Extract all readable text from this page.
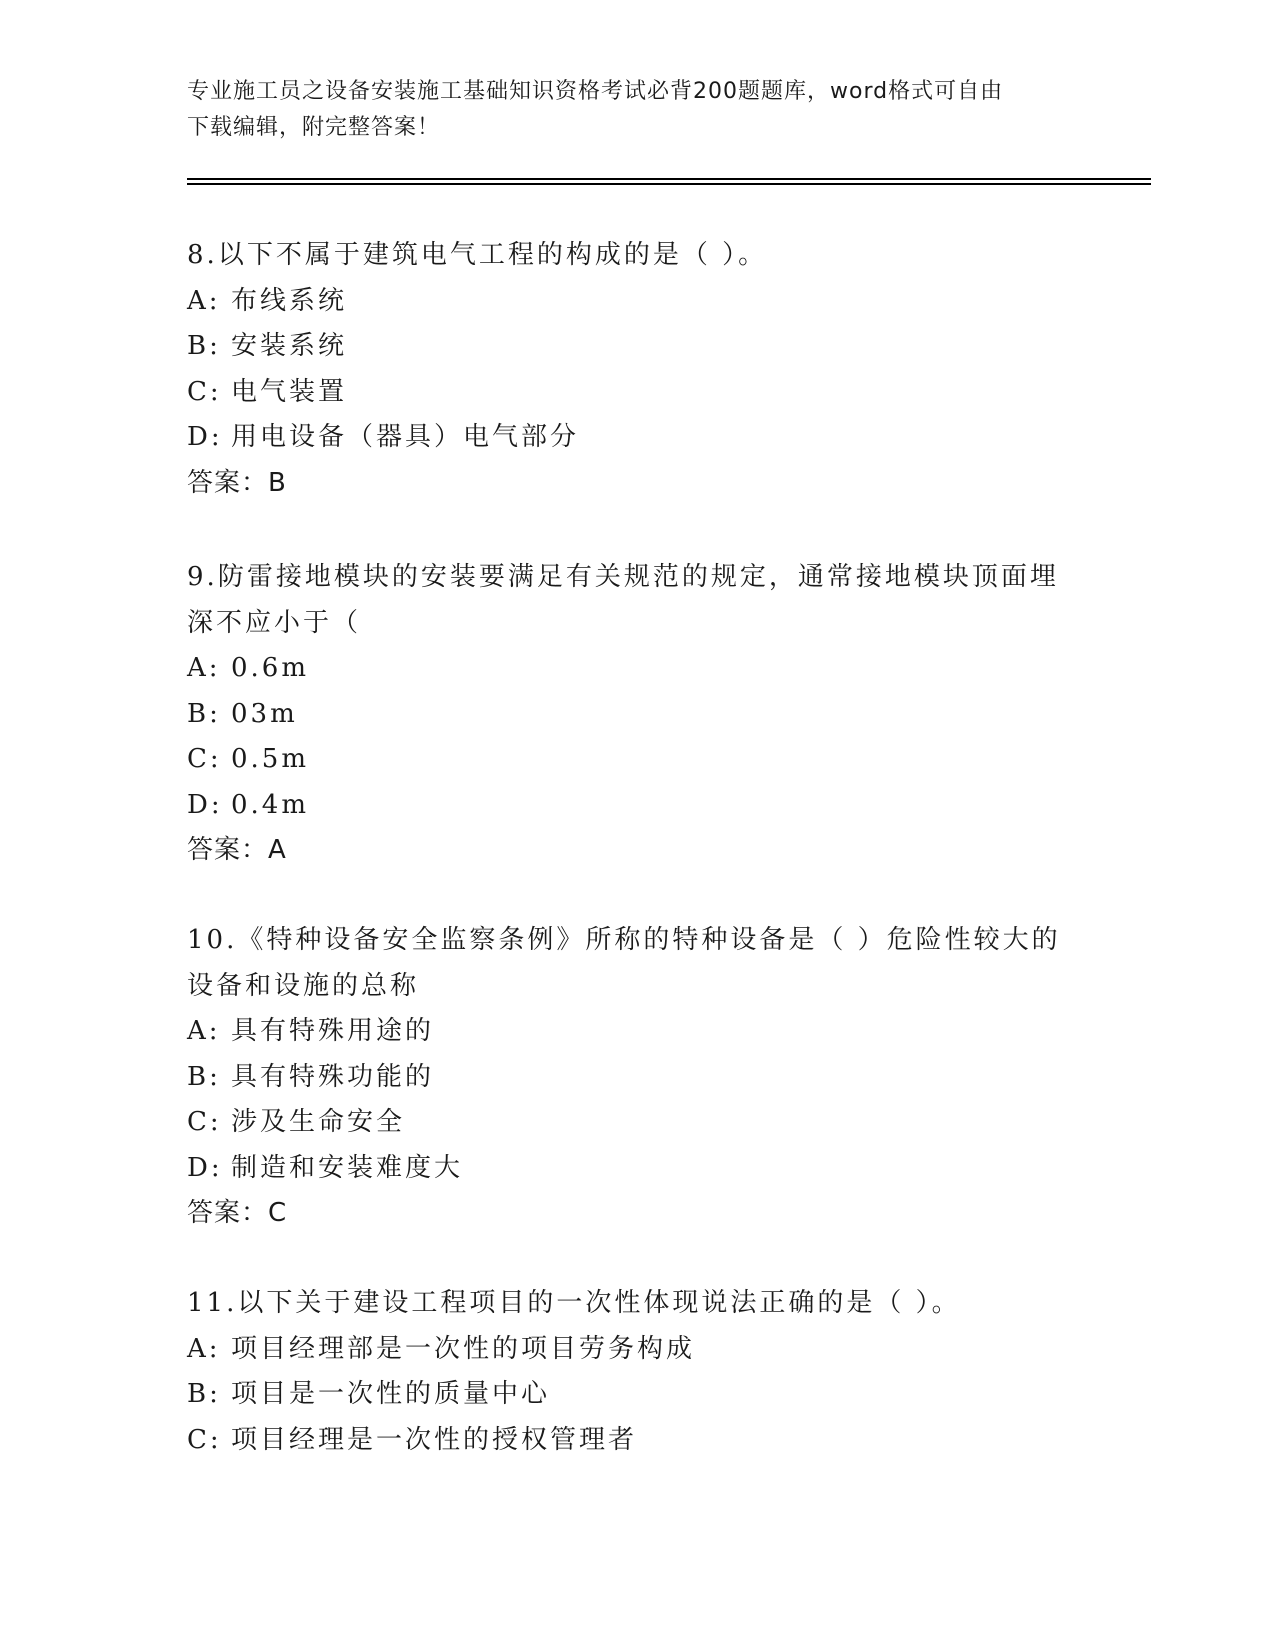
专业施工员之设备安装施工基础知识资格考试必背200题题库，word格式可自由
下载编辑，附完整答案！
8.以下不属于建筑电气工程的构成的是（ ）。
A: 布线系统
B: 安装系统
C: 电气装置
D: 用电设备（器具）电气部分
答案：B
9.防雷接地模块的安装要满足有关规范的规定，通常接地模块顶面埋
深不应小于（
A: 0.6m
B: 03m
C: 0.5m
D: 0.4m
答案：A
10.《特种设备安全监察条例》所称的特种设备是（ ）危险性较大的
设备和设施的总称
A: 具有特殊用途的
B: 具有特殊功能的
C: 涉及生命安全
D: 制造和安装难度大
答案：C
11.以下关于建设工程项目的一次性体现说法正确的是（ ）。
A: 项目经理部是一次性的项目劳务构成
B: 项目是一次性的质量中心
C: 项目经理是一次性的授权管理者
